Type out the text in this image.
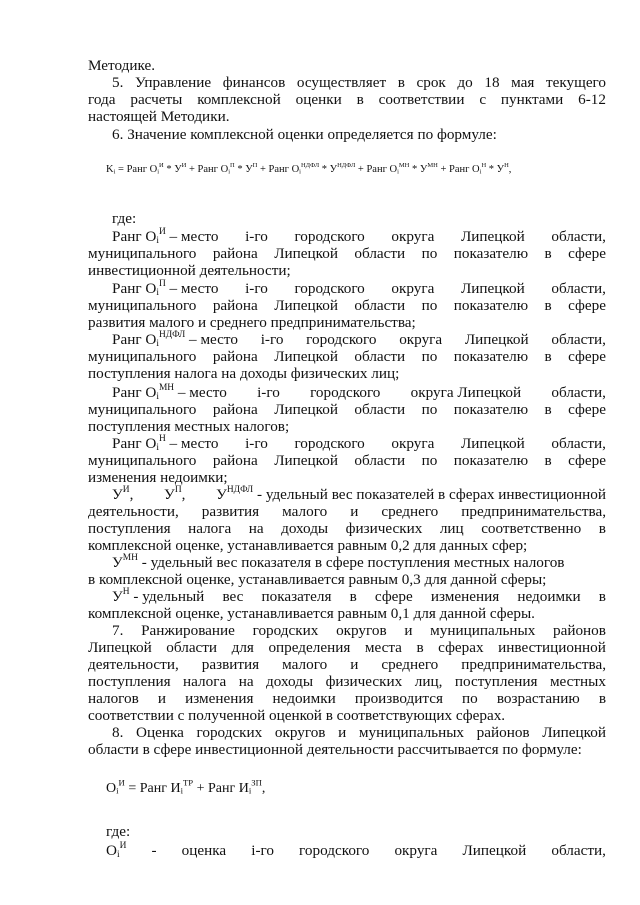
Методике.
5. Управление финансов осуществляет в срок до 18 мая текущего
года расчеты комплексной оценки в соответствии с пунктами 6-12
настоящей Методики.
6. Значение комплексной оценки определяется по формуле:
$K_i$ = Ранг $O_i^И * У^И$ + Ранг $O_i^П * У^П$ + Ранг $O_i^{НДФЛ} * У^{НДФЛ}$ + Ранг $O_i^{МН} * У^{МН}$ + Ранг $O_i^Н * У^Н$,
где:
Ранг $O_i^И$ – место i-го городского округа Липецкой области,
муниципального района Липецкой области по показателю в сфере
инвестиционной деятельности;
Ранг $O_i^П$ – место i-го городского округа Липецкой области,
муниципального района Липецкой области по показателю в сфере
развития малого и среднего предпринимательства;
Ранг $O_i^{НДФЛ}$ – место i-го городского округа Липецкой области,
муниципального района Липецкой области по показателю в сфере
поступления налога на доходы физических лиц;
Ранг $O_i^{МН}$ – место i-го городского округа Липецкой области,
муниципального района Липецкой области по показателю в сфере
поступления местных налогов;
Ранг $O_i^Н$ – место i-го городского округа Липецкой области,
муниципального района Липецкой области по показателю в сфере
изменения недоимки;
$У^И$, $У^П$, $У^{НДФЛ}$ - удельный вес показателей в сферах инвестиционной
деятельности, развития малого и среднего предпринимательства,
поступления налога на доходы физических лиц соответственно в
комплексной оценке, устанавливается равным 0,2 для данных сфер;
$У^{МН}$ - удельный вес показателя в сфере поступления местных налогов
в комплексной оценке, устанавливается равным 0,3 для данной сферы;
$У^Н$ - удельный вес показателя в сфере изменения недоимки в
комплексной оценке, устанавливается равным 0,1 для данной сферы.
7. Ранжирование городских округов и муниципальных районов
Липецкой области для определения места в сферах инвестиционной
деятельности, развития малого и среднего предпринимательства,
поступления налога на доходы физических лиц, поступления местных
налогов и изменения недоимки производится по возрастанию в
соответствии с полученной оценкой в соответствующих сферах.
8. Оценка городских округов и муниципальных районов Липецкой
области в сфере инвестиционной деятельности рассчитывается по формуле:
$O_i^И$ = Ранг $И_i^{ТР}$ + Ранг $И_i^{ЗП}$,
где:
$O_i^И$ - оценка i-го городского округа Липецкой области,
